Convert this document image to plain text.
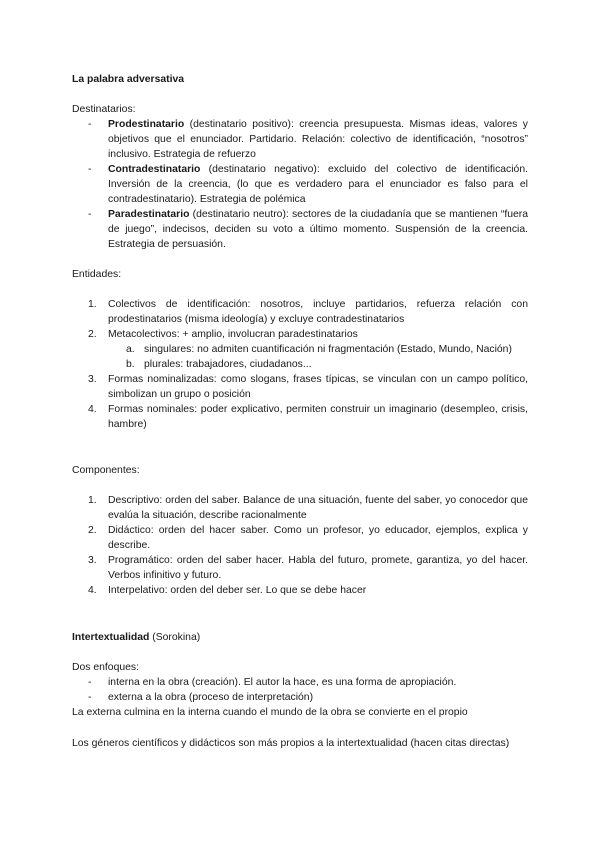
La palabra adversativa

Destinatarios:

- Prodestinatario (destinatario positivo): creencia presupuesta. Mismas ideas, valores y objetivos que el enunciador. Partidario. Relación: colectivo de identificación, “nosotros” inclusivo. Estrategia de refuerzo
- Contradestinatario (destinatario negativo): excluido del colectivo de identificación. Inversión de la creencia, (lo que es verdadero para el enunciador es falso para el contradestinatario). Estrategia de polémica
- Paradestinatario (destinatario neutro): sectores de la ciudadanía que se mantienen “fuera de juego”, indecisos, deciden su voto a último momento. Suspensión de la creencia. Estrategia de persuasión.

Entidades:

1. Colectivos de identificación: nosotros, incluye partidarios, refuerza relación con prodestinatarios (misma ideología) y excluye contradestinatarios
2. Metacolectivos: + amplio, involucran paradestinatarios
a. singulares: no admiten cuantificación ni fragmentación (Estado, Mundo, Nación)
b. plurales: trabajadores, ciudadanos...
3. Formas nominalizadas: como slogans, frases típicas, se vinculan con un campo político, simbolizan un grupo o posición
4. Formas nominales: poder explicativo, permiten construir un imaginario (desempleo, crisis, hambre)

Componentes:

1. Descriptivo: orden del saber. Balance de una situación, fuente del saber, yo conocedor que evalúa la situación, describe racionalmente
2. Didáctico: orden del hacer saber. Como un profesor, yo educador, ejemplos, explica y describe.
3. Programático: orden del saber hacer. Habla del futuro, promete, garantiza, yo del hacer. Verbos infinitivo y futuro.
4. Interpelativo: orden del deber ser. Lo que se debe hacer

Intertextualidad (Sorokina)

Dos enfoques:

- interna en la obra (creación). El autor la hace, es una forma de apropiación.
- externa a la obra (proceso de interpretación)

La externa culmina en la interna cuando el mundo de la obra se convierte en el propio

Los géneros científicos y didácticos son más propios a la intertextualidad (hacen citas directas)
